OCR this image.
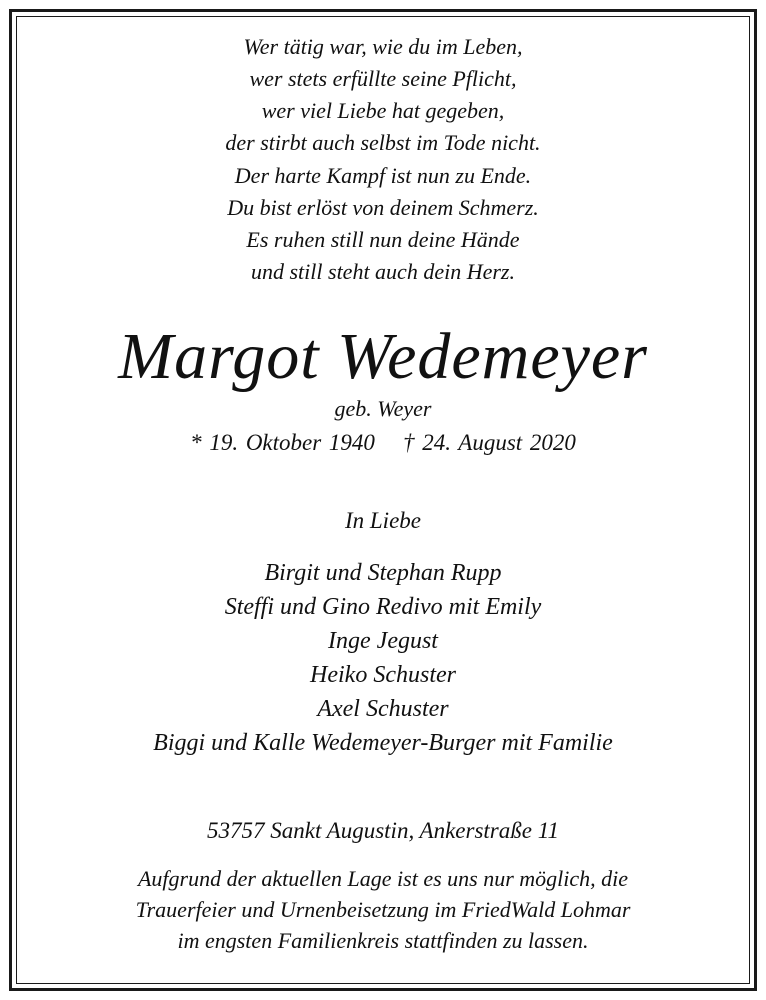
Wer tätig war, wie du im Leben,
wer stets erfüllte seine Pflicht,
wer viel Liebe hat gegeben,
der stirbt auch selbst im Tode nicht.
Der harte Kampf ist nun zu Ende.
Du bist erlöst von deinem Schmerz.
Es ruhen still nun deine Hände
und still steht auch dein Herz.
Margot Wedemeyer
geb. Weyer
* 19. Oktober 1940 † 24. August 2020
In Liebe
Birgit und Stephan Rupp
Steffi und Gino Redivo mit Emily
Inge Jegust
Heiko Schuster
Axel Schuster
Biggi und Kalle Wedemeyer-Burger mit Familie
53757 Sankt Augustin, Ankerstraße 11
Aufgrund der aktuellen Lage ist es uns nur möglich, die
Trauerfeier und Urnenbeisetzung im FriedWald Lohmar
im engsten Familienkreis stattfinden zu lassen.
